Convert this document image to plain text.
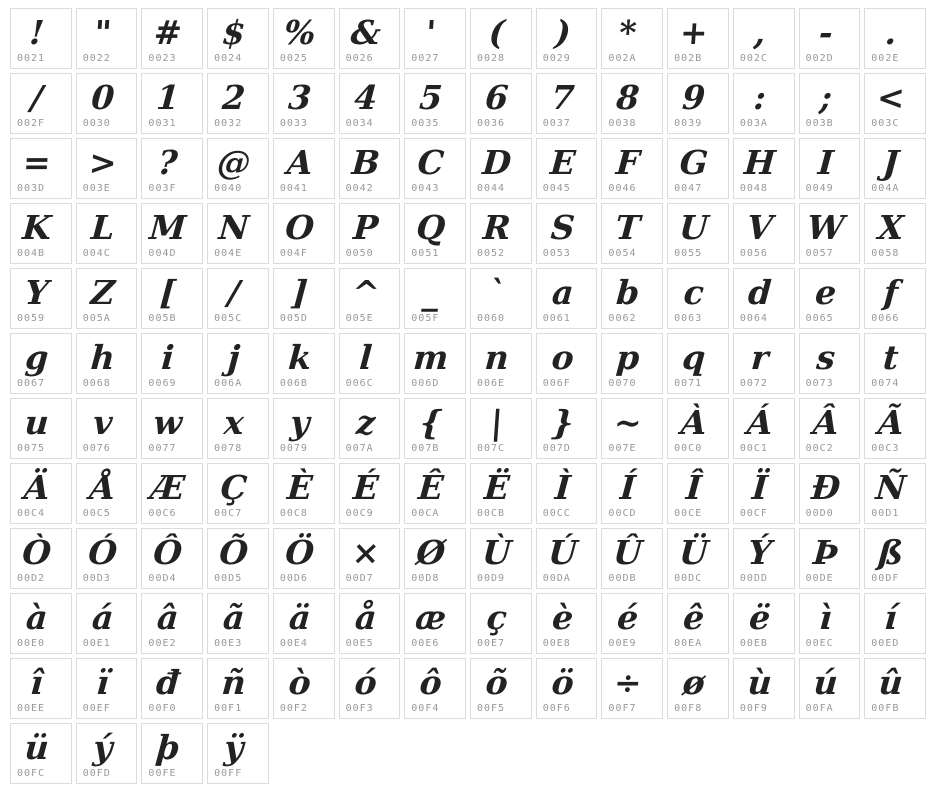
!
0021
"
0022
#
0023
$
0024
%
0025
&
0026
'
0027
(
0028
)
0029
*
002A
+
002B
,
002C
-
002D
.
002E
/
002F
0
0030
1
0031
2
0032
3
0033
4
0034
5
0035
6
0036
7
0037
8
0038
9
0039
:
003A
;
003B
<
003C
=
003D
>
003E
?
003F
@
0040
A
0041
B
0042
C
0043
D
0044
E
0045
F
0046
G
0047
H
0048
I
0049
J
004A
K
004B
L
004C
M
004D
N
004E
O
004F
P
0050
Q
0051
R
0052
S
0053
T
0054
U
0055
V
0056
W
0057
X
0058
Y
0059
Z
005A
[
005B
/
005C
]
005D
^
005E
_
005F
`
0060
a
0061
b
0062
c
0063
d
0064
e
0065
f
0066
g
0067
h
0068
i
0069
j
006A
k
006B
l
006C
m
006D
n
006E
o
006F
p
0070
q
0071
r
0072
s
0073
t
0074
u
0075
v
0076
w
0077
x
0078
y
0079
z
007A
{
007B
|
007C
}
007D
~
007E
À
00C0
Á
00C1
Â
00C2
Ã
00C3
Ä
00C4
Å
00C5
Æ
00C6
Ç
00C7
È
00C8
É
00C9
Ê
00CA
Ë
00CB
Ì
00CC
Í
00CD
Î
00CE
Ï
00CF
Ð
00D0
Ñ
00D1
Ò
00D2
Ó
00D3
Ô
00D4
Õ
00D5
Ö
00D6
×
00D7
Ø
00D8
Ù
00D9
Ú
00DA
Û
00DB
Ü
00DC
Ý
00DD
Þ
00DE
ß
00DF
à
00E0
á
00E1
â
00E2
ã
00E3
ä
00E4
å
00E5
æ
00E6
ç
00E7
è
00E8
é
00E9
ê
00EA
ë
00EB
ì
00EC
í
00ED
î
00EE
ï
00EF
đ
00F0
ñ
00F1
ò
00F2
ó
00F3
ô
00F4
õ
00F5
ö
00F6
÷
00F7
ø
00F8
ù
00F9
ú
00FA
û
00FB
ü
00FC
ý
00FD
þ
00FE
ÿ
00FF
